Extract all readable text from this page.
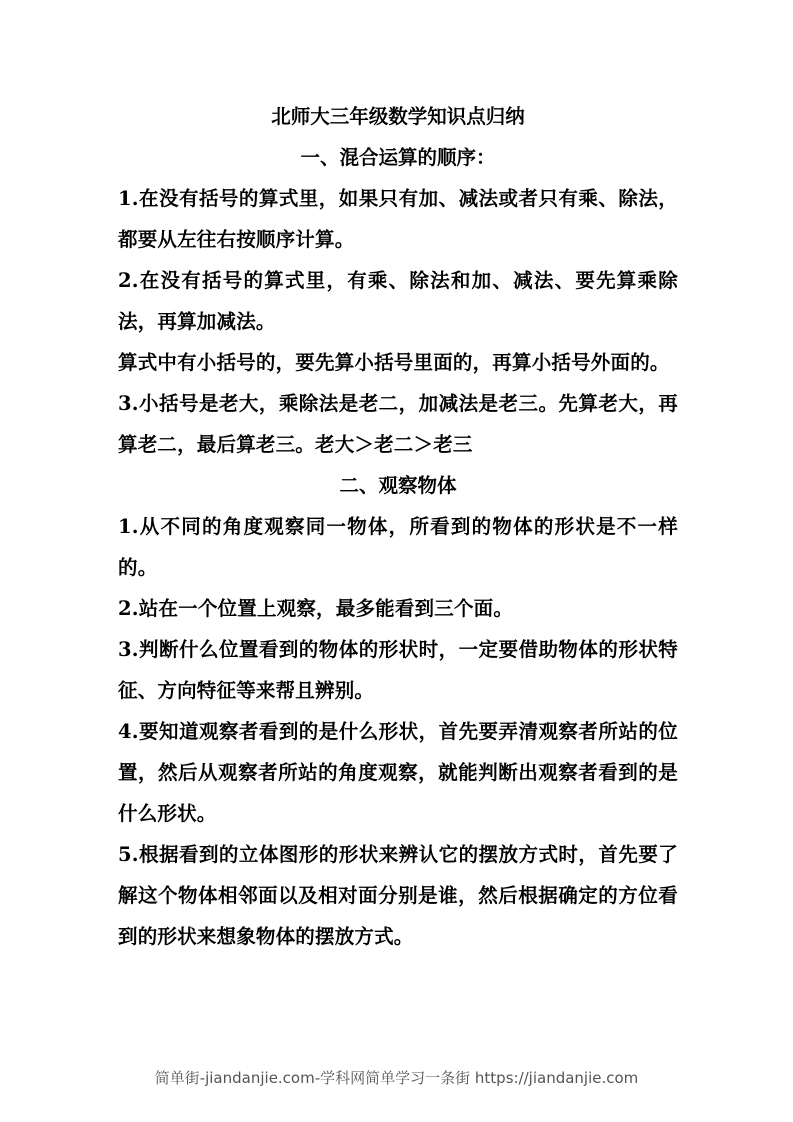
北师大三年级数学知识点归纳
一、混合运算的顺序：

1.在没有括号的算式里，如果只有加、减法或者只有乘、除法，都要从左往右按顺序计算。

2.在没有括号的算式里，有乘、除法和加、减法、要先算乘除法，再算加减法。

算式中有小括号的，要先算小括号里面的，再算小括号外面的。

3.小括号是老大，乘除法是老二，加减法是老三。先算老大，再算老二，最后算老三。老大＞老二＞老三

二、观察物体

1.从不同的角度观察同一物体，所看到的物体的形状是不一样的。

2.站在一个位置上观察，最多能看到三个面。

3.判断什么位置看到的物体的形状时，一定要借助物体的形状特征、方向特征等来帮且辨别。

4.要知道观察者看到的是什么形状，首先要弄清观察者所站的位置，然后从观察者所站的角度观察，就能判断出观察者看到的是什么形状。

5.根据看到的立体图形的形状来辨认它的摆放方式时，首先要了解这个物体相邻面以及相对面分别是谁，然后根据确定的方位看到的形状来想象物体的摆放方式。

简单街-jiandanjie.com-学科网简单学习一条街 https://jiandanjie.com
